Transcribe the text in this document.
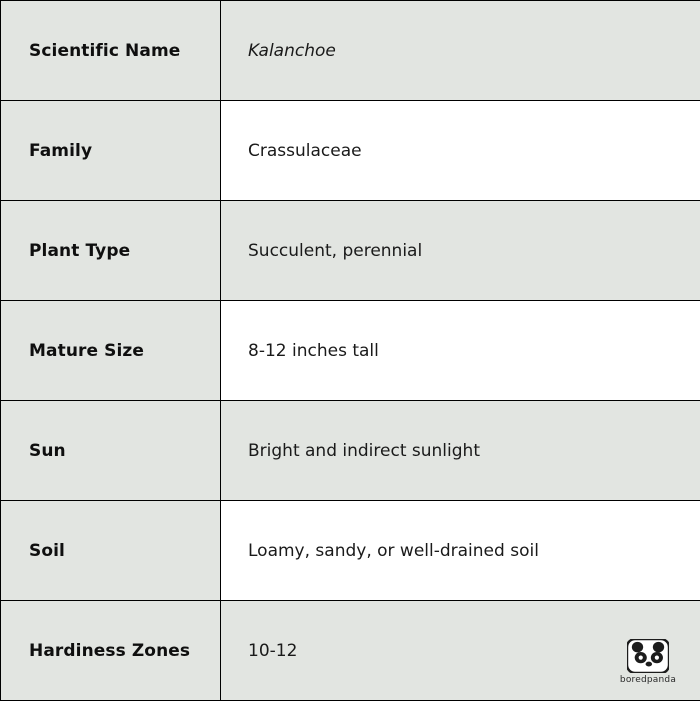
Scientific Name	Kalanchoe
Family	Crassulaceae
Plant Type	Succulent, perennial
Mature Size	8-12 inches tall
Sun	Bright and indirect sunlight
Soil	Loamy, sandy, or well-drained soil
Hardiness Zones	10-12
boredpanda
